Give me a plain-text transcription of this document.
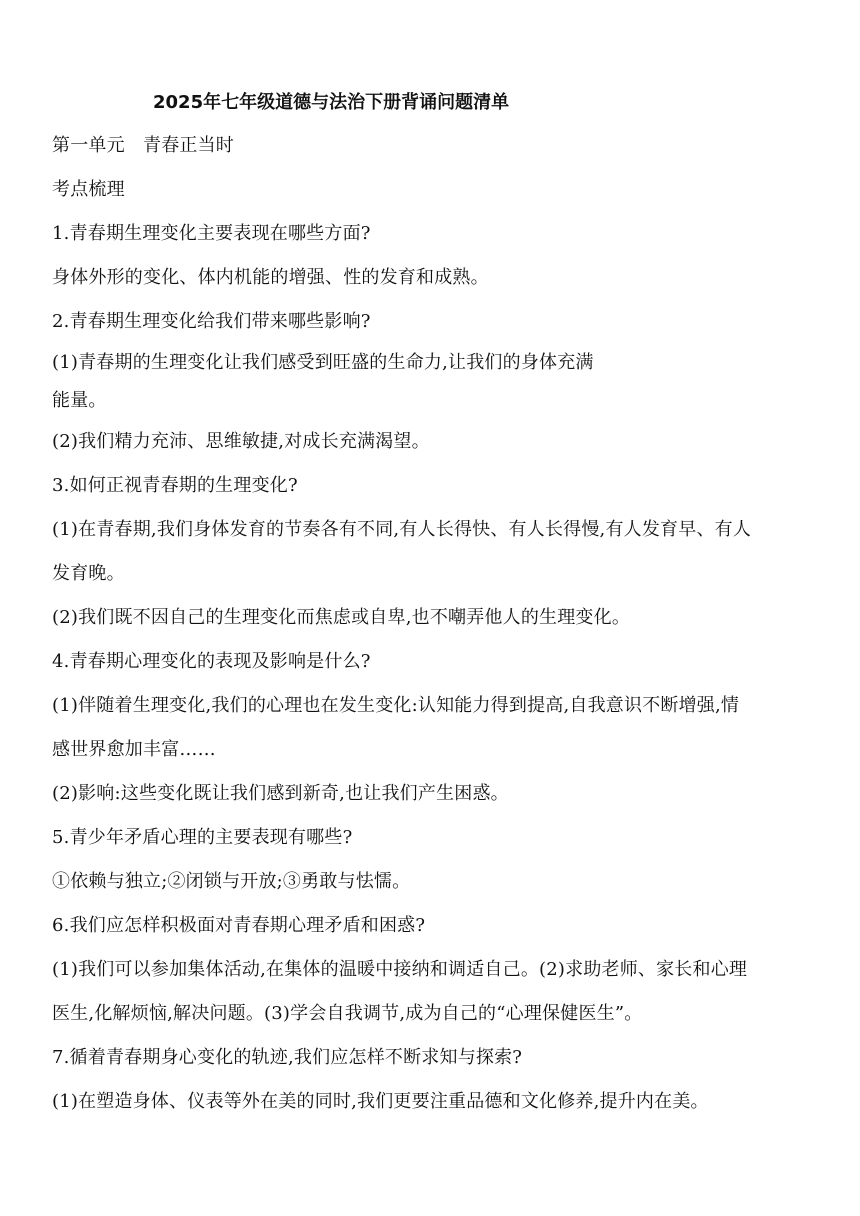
2025年七年级道德与法治下册背诵问题清单
第一单元　青春正当时
考点梳理
1.青春期生理变化主要表现在哪些方面?
身体外形的变化、体内机能的增强、性的发育和成熟。
2.青春期生理变化给我们带来哪些影响?
(1)青春期的生理变化让我们感受到旺盛的生命力,让我们的身体充满
能量。
(2)我们精力充沛、思维敏捷,对成长充满渴望。
3.如何正视青春期的生理变化?
(1)在青春期,我们身体发育的节奏各有不同,有人长得快、有人长得慢,有人发育早、有人
发育晚。
(2)我们既不因自己的生理变化而焦虑或自卑,也不嘲弄他人的生理变化。
4.青春期心理变化的表现及影响是什么?
(1)伴随着生理变化,我们的心理也在发生变化:认知能力得到提高,自我意识不断增强,情
感世界愈加丰富……
(2)影响:这些变化既让我们感到新奇,也让我们产生困惑。
5.青少年矛盾心理的主要表现有哪些?
①依赖与独立;②闭锁与开放;③勇敢与怯懦。
6.我们应怎样积极面对青春期心理矛盾和困惑?
(1)我们可以参加集体活动,在集体的温暖中接纳和调适自己。(2)求助老师、家长和心理
医生,化解烦恼,解决问题。(3)学会自我调节,成为自己的“心理保健医生”。
7.循着青春期身心变化的轨迹,我们应怎样不断求知与探索?
(1)在塑造身体、仪表等外在美的同时,我们更要注重品德和文化修养,提升内在美。
